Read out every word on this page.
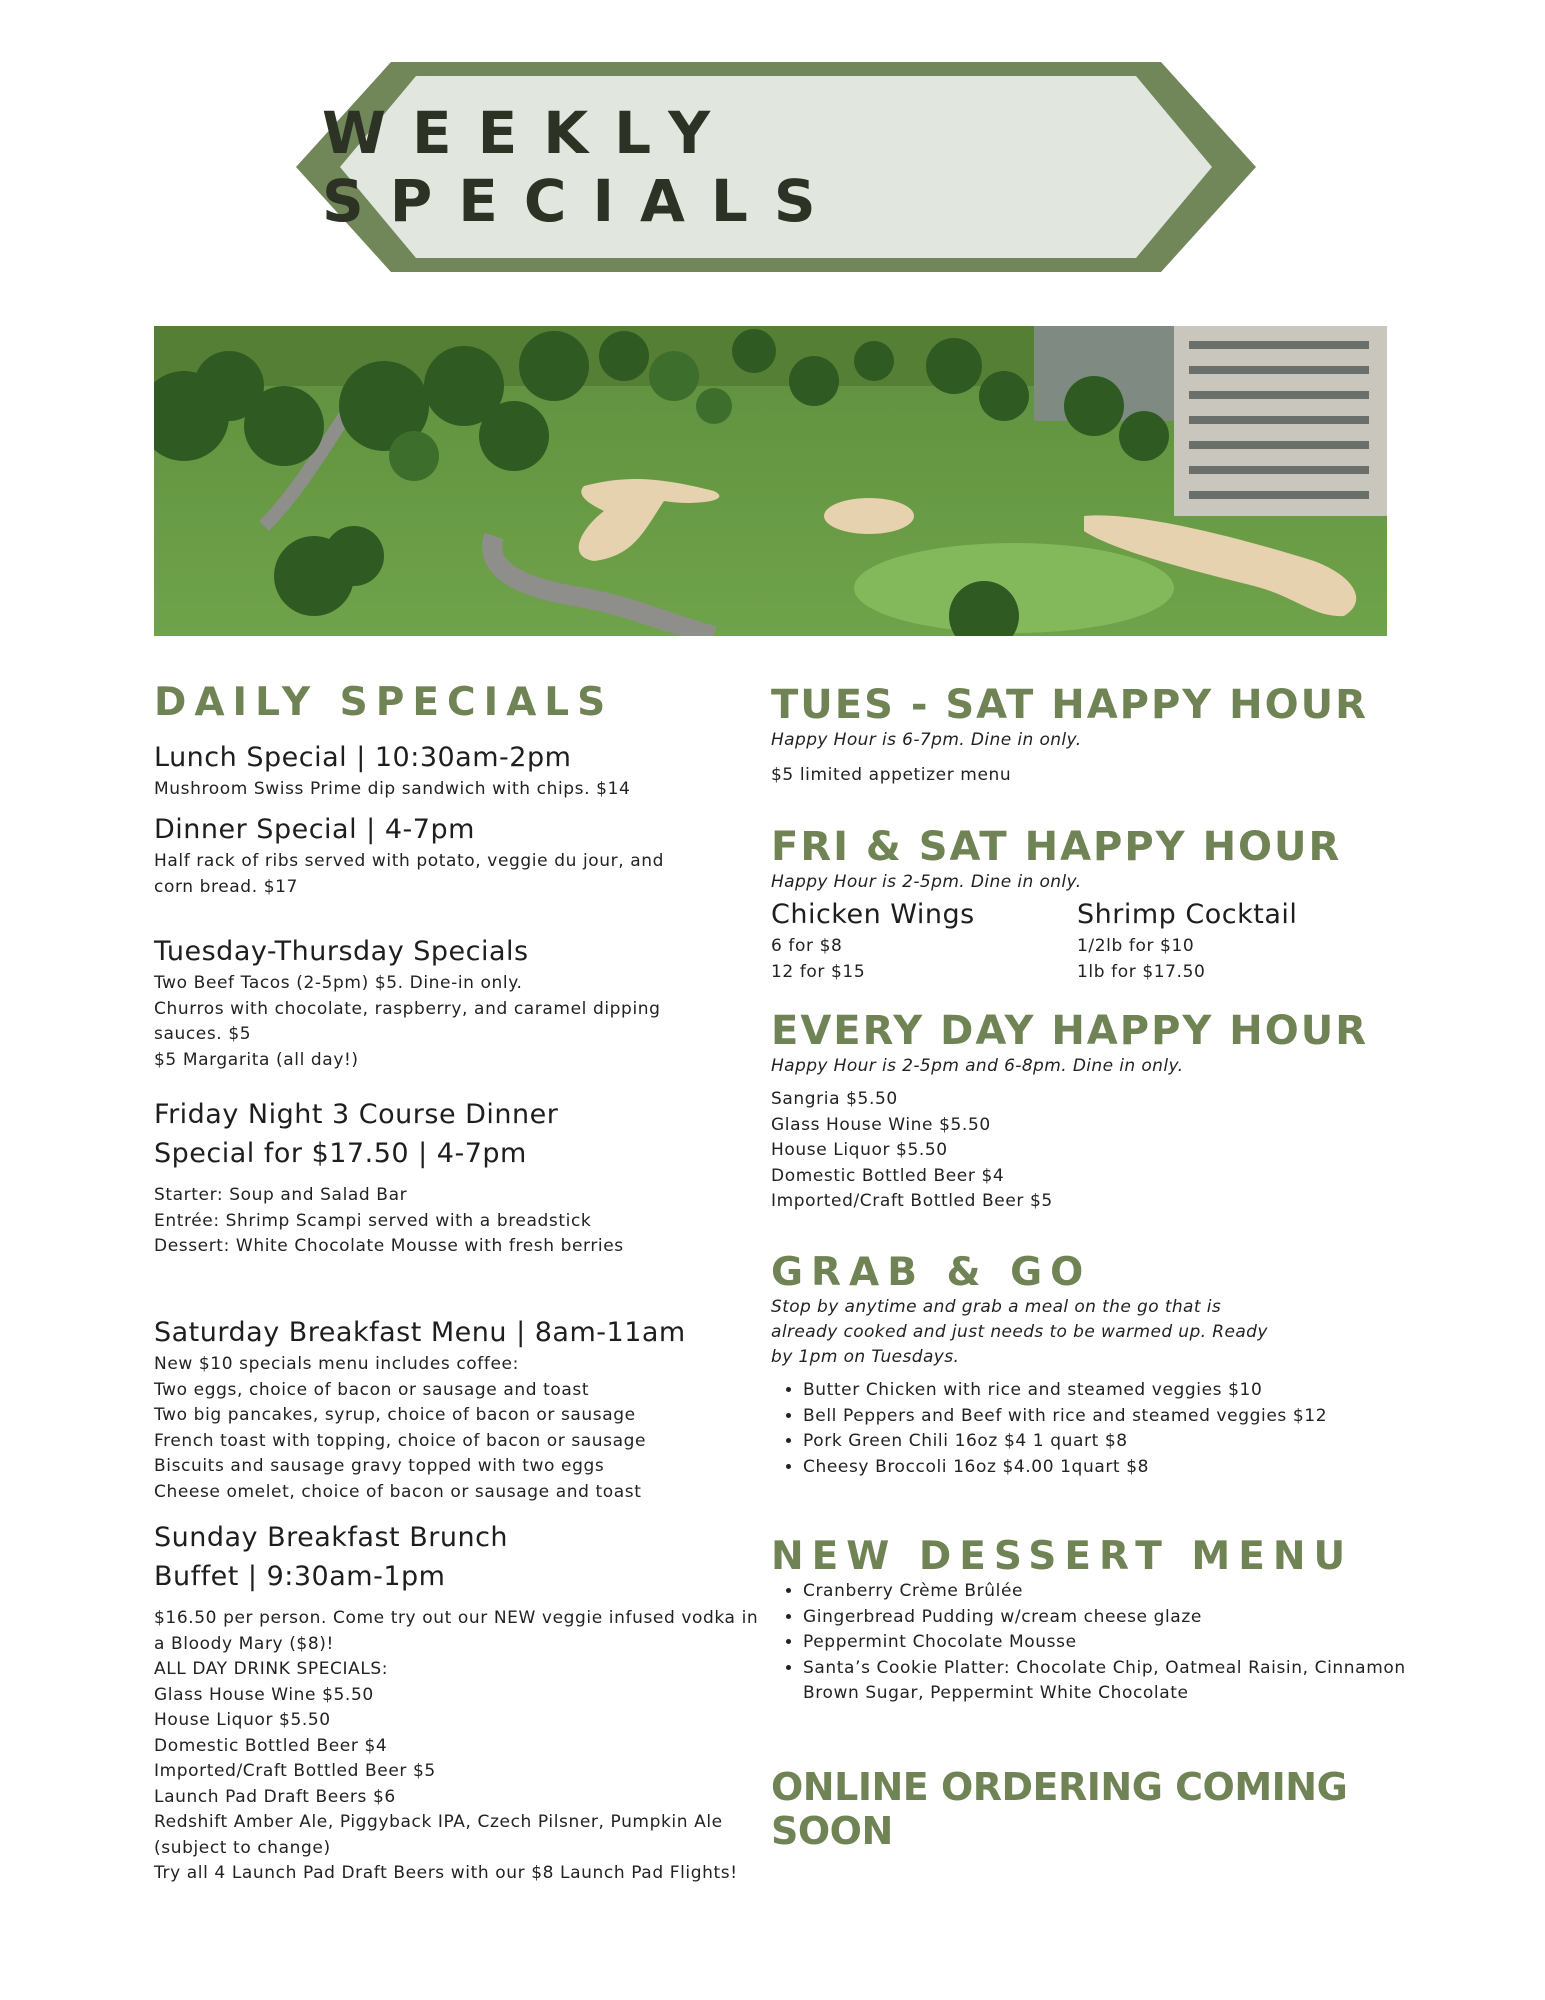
WEEKLY SPECIALS
DAILY SPECIALS

Lunch Special | 10:30am-2pm

Mushroom Swiss Prime dip sandwich with chips. $14

Dinner Special | 4-7pm

Half rack of ribs served with potato, veggie du jour, and

corn bread. $17

Tuesday-Thursday Specials

Two Beef Tacos (2-5pm) $5. Dine-in only.

Churros with chocolate, raspberry, and caramel dipping

sauces. $5

$5 Margarita (all day!)

Friday Night 3 Course Dinner

Special for $17.50 | 4-7pm

Starter: Soup and Salad Bar

Entrée: Shrimp Scampi served with a breadstick

Dessert: White Chocolate Mousse with fresh berries

Saturday Breakfast Menu | 8am-11am

New $10 specials menu includes coffee:

Two eggs, choice of bacon or sausage and toast

Two big pancakes, syrup, choice of bacon or sausage

French toast with topping, choice of bacon or sausage

Biscuits and sausage gravy topped with two eggs

Cheese omelet, choice of bacon or sausage and toast

Sunday Breakfast Brunch

Buffet | 9:30am-1pm

$16.50 per person. Come try out our NEW veggie infused vodka in

a Bloody Mary ($8)!

ALL DAY DRINK SPECIALS:

Glass House Wine $5.50

House Liquor $5.50

Domestic Bottled Beer $4

Imported/Craft Bottled Beer $5

Launch Pad Draft Beers $6

Redshift Amber Ale, Piggyback IPA, Czech Pilsner, Pumpkin Ale

(subject to change)

Try all 4 Launch Pad Draft Beers with our $8 Launch Pad Flights!

TUES - SAT HAPPY HOUR

Happy Hour is 6-7pm. Dine in only.

$5 limited appetizer menu

FRI & SAT HAPPY HOUR

Happy Hour is 2-5pm. Dine in only.

Chicken Wings

6 for $8

12 for $15

Shrimp Cocktail

1/2lb for $10

1lb for $17.50

EVERY DAY HAPPY HOUR

Happy Hour is 2-5pm and 6-8pm. Dine in only.

Sangria $5.50

Glass House Wine $5.50

House Liquor $5.50

Domestic Bottled Beer $4

Imported/Craft Bottled Beer $5

GRAB & GO

Stop by anytime and grab a meal on the go that is

already cooked and just needs to be warmed up. Ready

by 1pm on Tuesdays.

• Butter Chicken with rice and steamed veggies $10
• Bell Peppers and Beef with rice and steamed veggies $12
• Pork Green Chili 16oz $4 1 quart $8
• Cheesy Broccoli 16oz $4.00 1quart $8
NEW DESSERT MENU
• Cranberry Crème Brûlée
• Gingerbread Pudding w/cream cheese glaze
• Peppermint Chocolate Mousse
• Santa’s Cookie Platter: Chocolate Chip, Oatmeal Raisin, Cinnamon Brown Sugar, Peppermint White Chocolate
ONLINE ORDERING COMING SOON
